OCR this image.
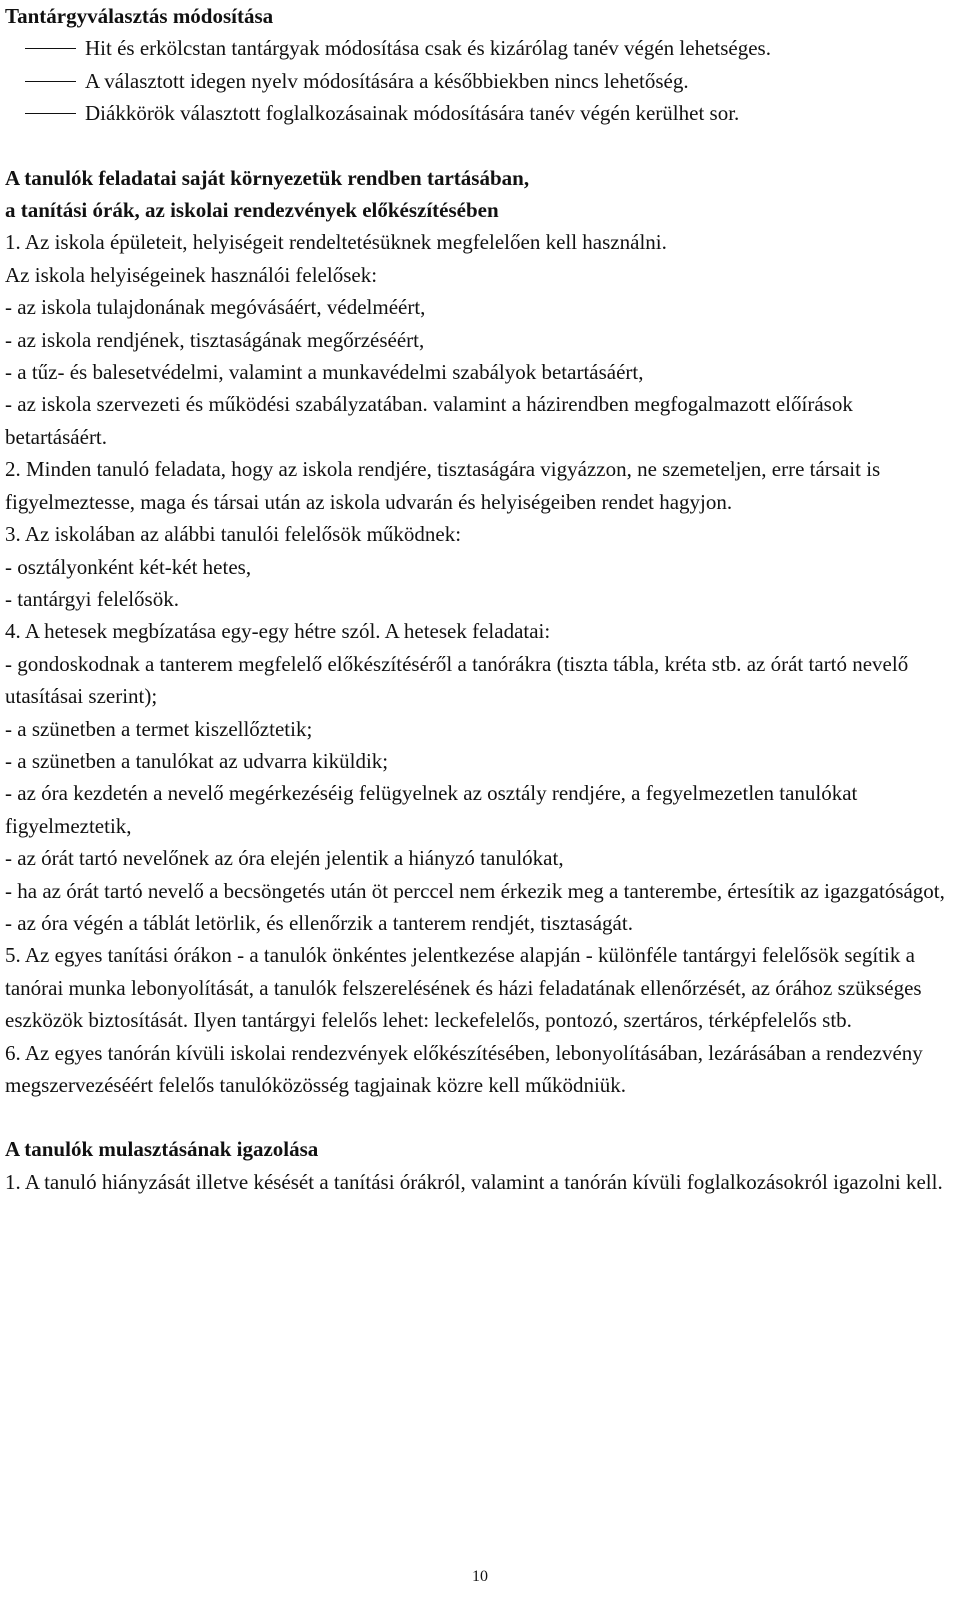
Tantárgyválasztás módosítása
Hit és erkölcstan tantárgyak módosítása csak és kizárólag tanév végén lehetséges.
A választott idegen nyelv módosítására a későbbiekben nincs lehetőség.
Diákkörök választott foglalkozásainak módosítására tanév végén kerülhet sor.
A tanulók feladatai saját környezetük rendben tartásában,
a tanítási órák, az iskolai rendezvények előkészítésében
1. Az iskola épületeit, helyiségeit rendeltetésüknek megfelelően kell használni.
Az iskola helyiségeinek használói felelősek:
- az iskola tulajdonának megóvásáért, védelméért,
- az iskola rendjének, tisztaságának megőrzéséért,
- a tűz- és balesetvédelmi, valamint a munkavédelmi szabályok betartásáért,
- az iskola szervezeti és működési szabályzatában. valamint a házirendben megfogalmazott előírások betartásáért.
2. Minden tanuló feladata, hogy az iskola rendjére, tisztaságára vigyázzon, ne szemeteljen, erre társait is figyelmeztesse, maga és társai után az iskola udvarán és helyiségeiben rendet hagyjon.
3. Az iskolában az alábbi tanulói felelősök működnek:
- osztályonként két-két hetes,
- tantárgyi felelősök.
4. A hetesek megbízatása egy-egy hétre szól. A hetesek feladatai:
- gondoskodnak a tanterem megfelelő előkészítéséről a tanórákra (tiszta tábla, kréta stb. az órát tartó nevelő utasításai szerint);
- a szünetben a termet kiszellőztetik;
- a szünetben a tanulókat az udvarra kiküldik;
- az óra kezdetén a nevelő megérkezéséig felügyelnek az osztály rendjére, a fegyelmezetlen tanulókat figyelmeztetik,
- az órát tartó nevelőnek az óra elején jelentik a hiányzó tanulókat,
- ha az órát tartó nevelő a becsöngetés után öt perccel nem érkezik meg a tanterembe, értesítik az igazgatóságot,
- az óra végén a táblát letörlik, és ellenőrzik a tanterem rendjét, tisztaságát.
5. Az egyes tanítási órákon - a tanulók önkéntes jelentkezése alapján - különféle tantárgyi felelősök segítik a tanórai munka lebonyolítását, a tanulók felszerelésének és házi feladatának ellenőrzését, az órához szükséges eszközök biztosítását. Ilyen tantárgyi felelős lehet: leckefelelős, pontozó, szertáros, térképfelelős stb.
6. Az egyes tanórán kívüli iskolai rendezvények előkészítésében, lebonyolításában, lezárásában a rendezvény megszervezéséért felelős tanulóközösség tagjainak közre kell működniük.
A tanulók mulasztásának igazolása
1. A tanuló hiányzását illetve késését a tanítási órákról, valamint a tanórán kívüli foglalkozásokról igazolni kell.
10
